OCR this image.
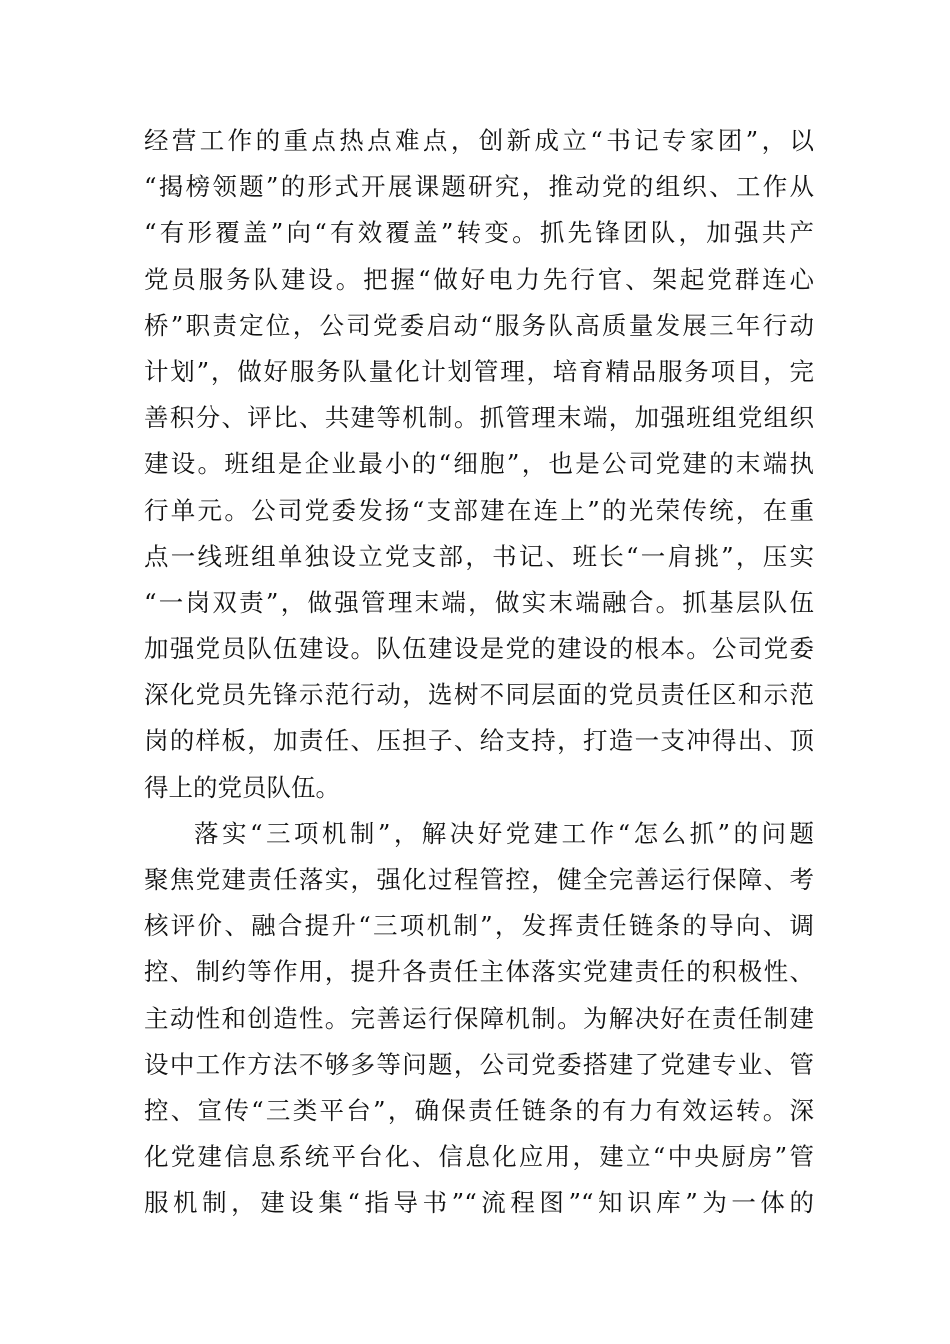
经营工作的重点热点难点，创新成立“书记专家团”，以
“揭榜领题”的形式开展课题研究，推动党的组织、工作从
“有形覆盖”向“有效覆盖”转变。抓先锋团队，加强共产
党员服务队建设。把握“做好电力先行官、架起党群连心
桥”职责定位，公司党委启动“服务队高质量发展三年行动
计划”，做好服务队量化计划管理，培育精品服务项目，完
善积分、评比、共建等机制。抓管理末端，加强班组党组织
建设。班组是企业最小的“细胞”，也是公司党建的末端执
行单元。公司党委发扬“支部建在连上”的光荣传统，在重
点一线班组单独设立党支部，书记、班长“一肩挑”，压实
“一岗双责”，做强管理末端，做实末端融合。抓基层队伍
加强党员队伍建设。队伍建设是党的建设的根本。公司党委
深化党员先锋示范行动，选树不同层面的党员责任区和示范
岗的样板，加责任、压担子、给支持，打造一支冲得出、顶
得上的党员队伍。
落实“三项机制”，解决好党建工作“怎么抓”的问题
聚焦党建责任落实，强化过程管控，健全完善运行保障、考
核评价、融合提升“三项机制”，发挥责任链条的导向、调
控、制约等作用，提升各责任主体落实党建责任的积极性、
主动性和创造性。完善运行保障机制。为解决好在责任制建
设中工作方法不够多等问题，公司党委搭建了党建专业、管
控、宣传“三类平台”，确保责任链条的有力有效运转。深
化党建信息系统平台化、信息化应用，建立“中央厨房”管
服机制，建设集“指导书”“流程图”“知识库”为一体的
